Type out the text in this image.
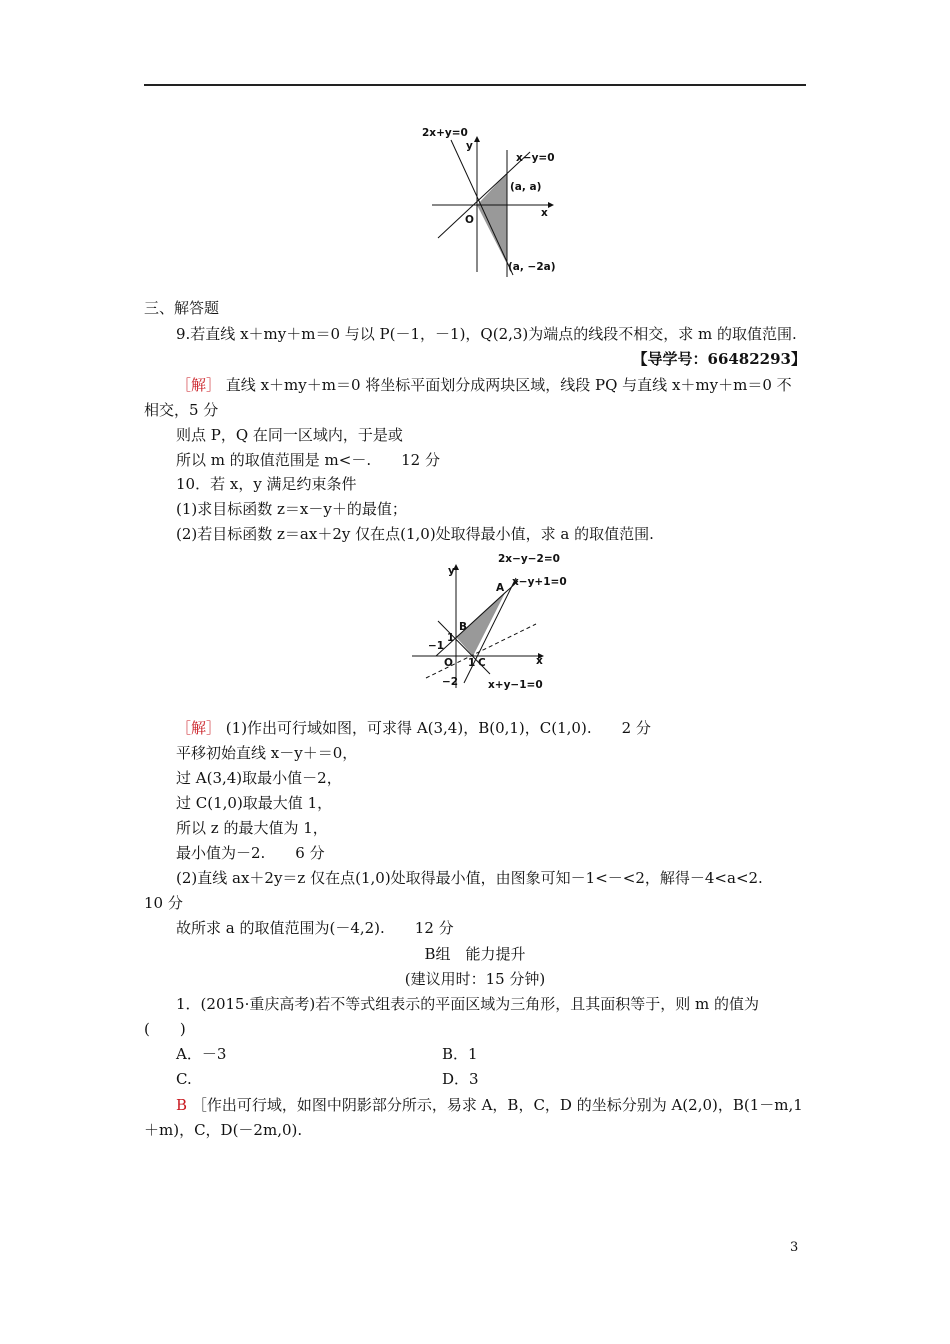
2x+y=0
y
x−y=0
(a, a)
x
O
(a, −2a)
三、解答题
9.若直线 x＋my＋m＝0 与以 P(－1，－1)，Q(2,3)为端点的线段不相交，求 m 的取值范围.
【导学号：66482293】
［解］ 直线 x＋my＋m＝0 将坐标平面划分成两块区域，线段 PQ 与直线 x＋my＋m＝0 不
相交，5 分
则点 P，Q 在同一区域内，于是或
所以 m 的取值范围是 m<－.　　12 分
10．若 x，y 满足约束条件
(1)求目标函数 z＝x－y＋的最值；
(2)若目标函数 z＝ax＋2y 仅在点(1,0)处取得最小值，求 a 的取值范围.
2x−y−2=0
y
A x−y+1=0
B
1
−1
O 1 C	x
−2	x+y−1=0
［解］ (1)作出可行域如图，可求得 A(3,4)，B(0,1)，C(1,0).　　2 分
平移初始直线 x－y＋＝0，
过 A(3,4)取最小值－2，
过 C(1,0)取最大值 1，
所以 z 的最大值为 1，
最小值为－2.　　6 分
(2)直线 ax＋2y＝z 仅在点(1,0)处取得最小值，由图象可知－1<－<2，解得－4<a<2.
10 分
故所求 a 的取值范围为(－4,2).　　12 分
B组　能力提升
(建议用时：15 分钟)
1．(2015·重庆高考)若不等式组表示的平面区域为三角形，且其面积等于，则 m 的值为
(　　)
A．－3	B．1
C.	D．3
B ［作出可行域，如图中阴影部分所示，易求 A，B，C，D 的坐标分别为 A(2,0)，B(1－m,1
＋m)，C，D(－2m,0).
3
